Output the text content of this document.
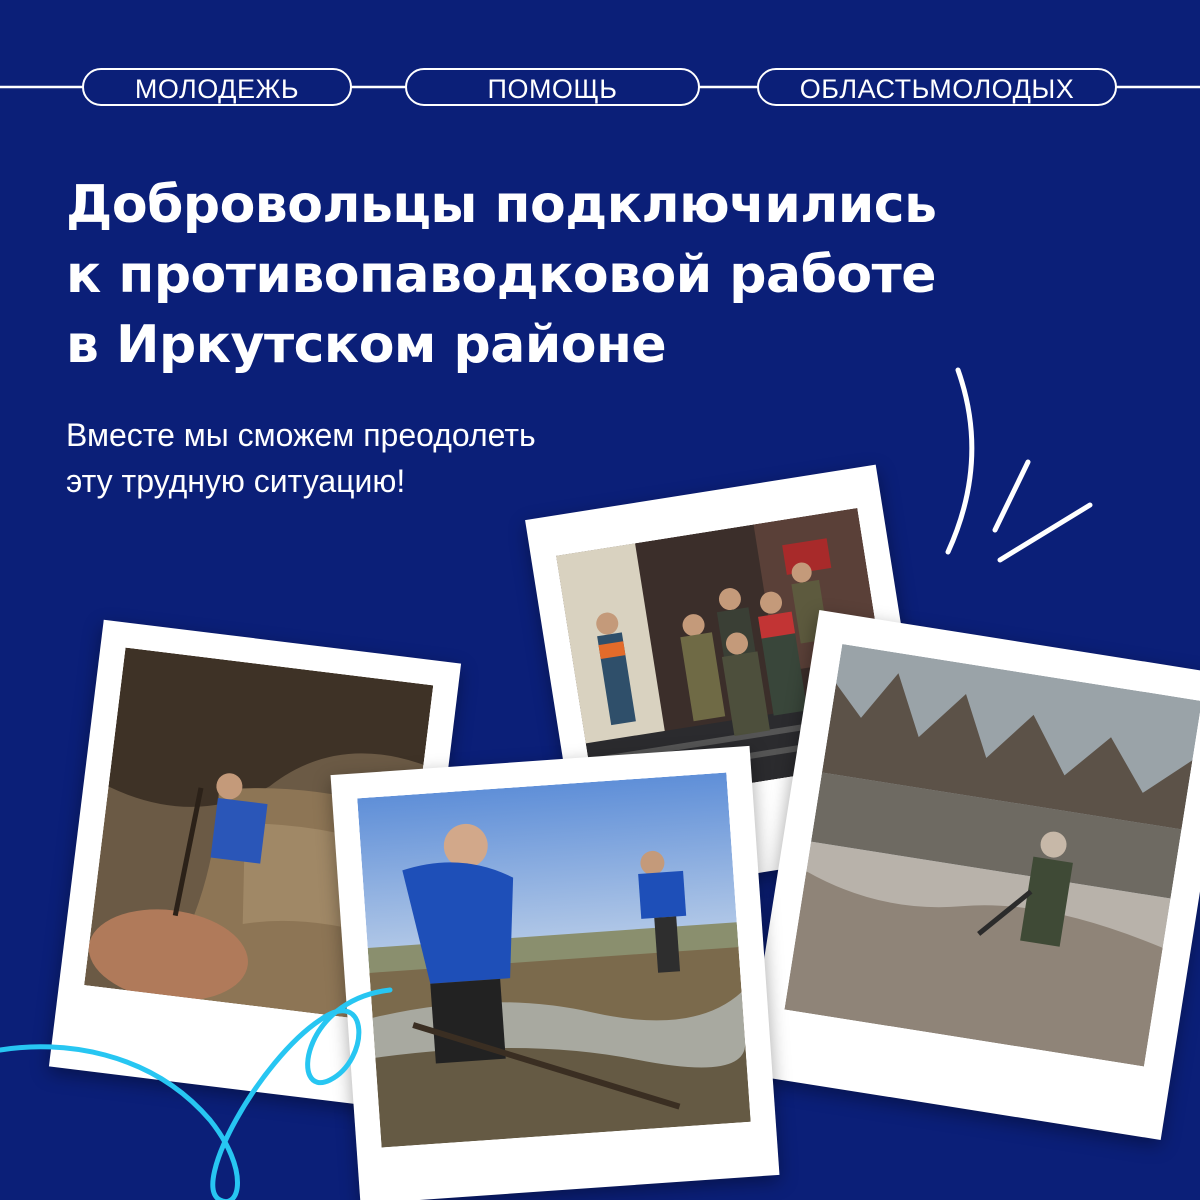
МОЛОДЕЖЬ	ПОМОЩЬ	ОБЛАСТЬМОЛОДЫХ
Добровольцы подключились
к противопаводковой работе
в Иркутском районе
Вместе мы сможем преодолеть
эту трудную ситуацию!
